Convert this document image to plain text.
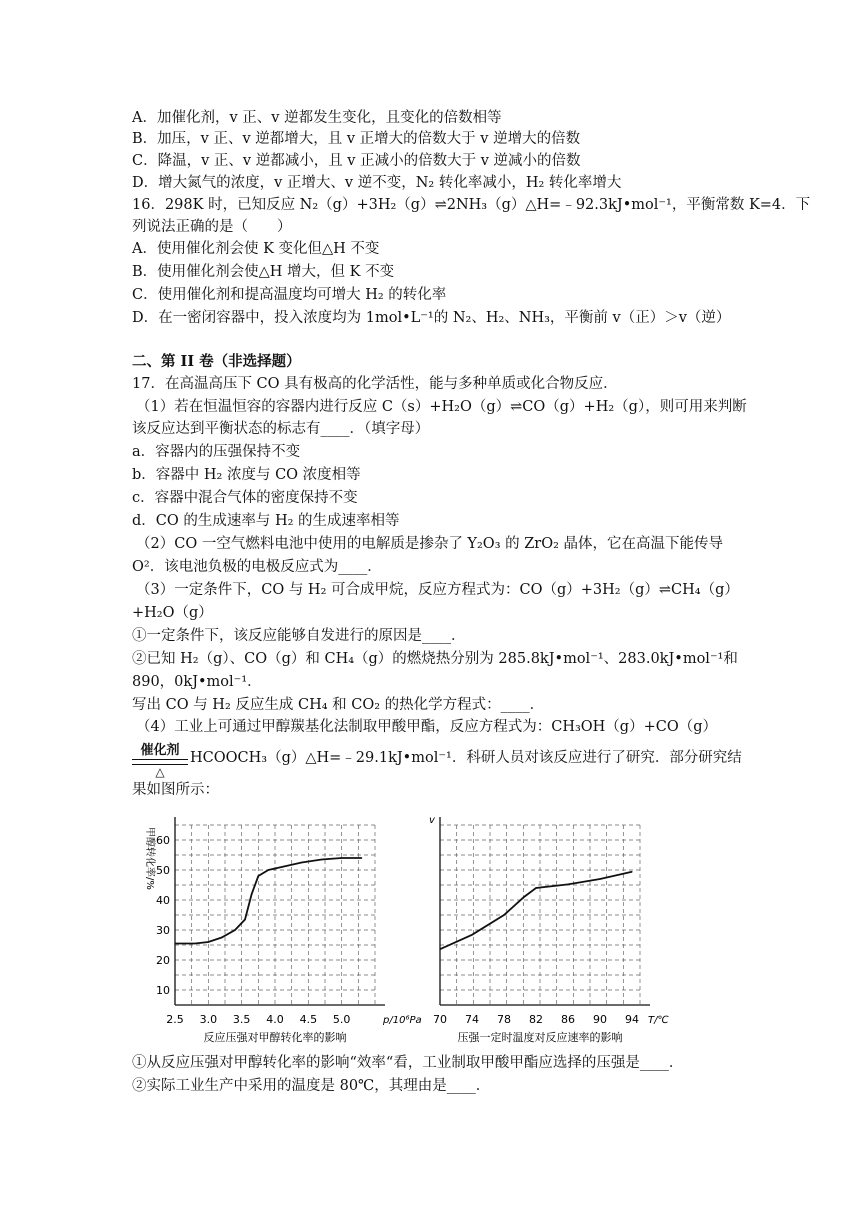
A．加催化剂，v 正、v 逆都发生变化，且变化的倍数相等
B．加压，v 正、v 逆都增大，且 v 正增大的倍数大于 v 逆增大的倍数
C．降温，v 正、v 逆都减小，且 v 正减小的倍数大于 v 逆减小的倍数
D．增大氮气的浓度，v 正增大、v 逆不变，N₂ 转化率减小，H₂ 转化率增大
16．298K 时，已知反应 N₂（g）+3H₂（g）⇌2NH₃（g）△H=﹣92.3kJ•mol⁻¹，平衡常数 K=4．下
列说法正确的是（　　）
A．使用催化剂会使 K 变化但△H 不变
B．使用催化剂会使△H 增大，但 K 不变
C．使用催化剂和提高温度均可增大 H₂ 的转化率
D．在一密闭容器中，投入浓度均为 1mol•L⁻¹的 N₂、H₂、NH₃，平衡前 v（正）＞v（逆）
二、第 II 卷（非选择题）
17．在高温高压下 CO 具有极高的化学活性，能与多种单质或化合物反应．
（1）若在恒温恒容的容器内进行反应 C（s）+H₂O（g）⇌CO（g）+H₂（g），则可用来判断
该反应达到平衡状态的标志有____．（填字母）
a．容器内的压强保持不变
b．容器中 H₂ 浓度与 CO 浓度相等
c．容器中混合气体的密度保持不变
d．CO 的生成速率与 H₂ 的生成速率相等
（2）CO 一空气燃料电池中使用的电解质是掺杂了 Y₂O₃ 的 ZrO₂ 晶体，它在高温下能传导
O²．该电池负极的电极反应式为____．
（3）一定条件下，CO 与 H₂ 可合成甲烷，反应方程式为：CO（g）+3H₂（g）⇌CH₄（g）
+H₂O（g）
①一定条件下，该反应能够自发进行的原因是____．
②已知 H₂（g）、CO（g）和 CH₄（g）的燃烧热分别为 285.8kJ•mol⁻¹、283.0kJ•mol⁻¹和
890，0kJ•mol⁻¹．
写出 CO 与 H₂ 反应生成 CH₄ 和 CO₂ 的热化学方程式：____．
（4）工业上可通过甲醇羰基化法制取甲酸甲酯，反应方程式为：CH₃OH（g）+CO（g）
HCOOCH₃（g）△H=﹣29.1kJ•mol⁻¹．科研人员对该反应进行了研究．部分研究结
果如图所示：
①从反应压强对甲醇转化率的影响“效率“看，工业制取甲酸甲酯应选择的压强是____．
②实际工业生产中采用的温度是 80℃，其理由是____．
催化剂
△
2.5 3.0 3.5 4.0 4.5 5.0
10
20
30
40
50
60
p/10⁶Pa
甲醇转化率/%
反应压强对甲醇转化率的影响
70 74 78 82 86 90 94 T/℃
v
压强一定时温度对反应速率的影响
